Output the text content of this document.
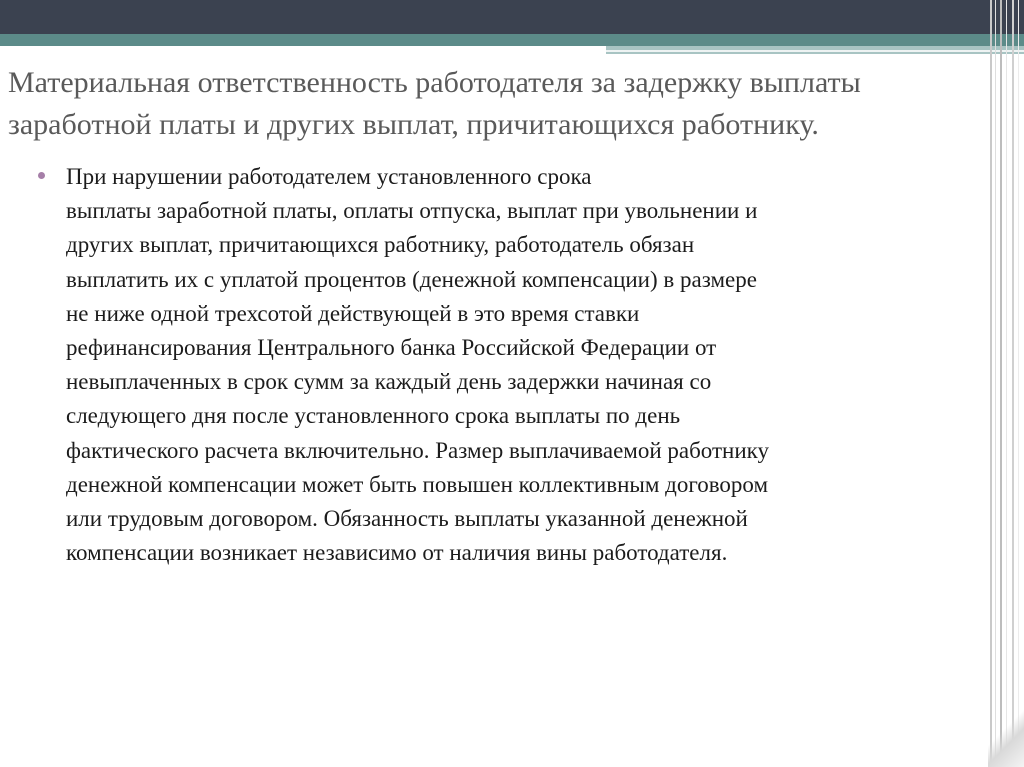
Материальная ответственность работодателя за задержку выплаты заработной платы и других выплат, причитающихся работнику.
При нарушении работодателем установленного срока
выплаты заработной платы, оплаты отпуска, выплат при увольнении и
других выплат, причитающихся работнику, работодатель обязан
выплатить их с уплатой процентов (денежной компенсации) в размере
не ниже одной трехсотой действующей в это время ставки
рефинансирования Центрального банка Российской Федерации от
невыплаченных в срок сумм за каждый день задержки начиная со
следующего дня после установленного срока выплаты по день
фактического расчета включительно. Размер выплачиваемой работнику
денежной компенсации может быть повышен коллективным договором
или трудовым договором. Обязанность выплаты указанной денежной
компенсации возникает независимо от наличия вины работодателя.
